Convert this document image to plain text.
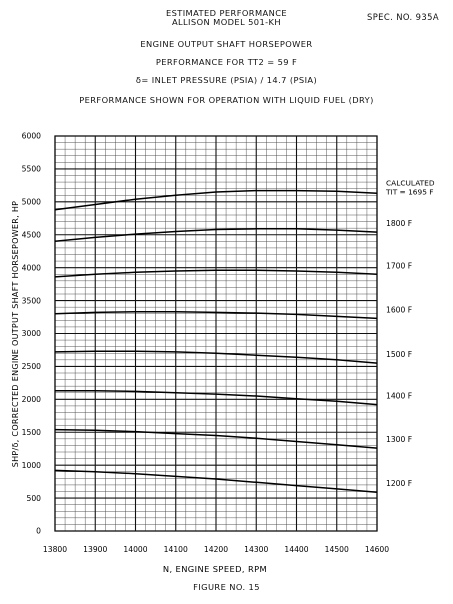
ESTIMATED PERFORMANCE
ALLISON MODEL 501-KH	SPEC. NO. 935A
ENGINE OUTPUT SHAFT HORSEPOWER
PERFORMANCE FOR TT2 = 59 F
δ= INLET PRESSURE (PSIA) / 14.7 (PSIA)
PERFORMANCE SHOWN FOR OPERATION WITH LIQUID FUEL (DRY)
13800 13900 14000 14100 14200 14300 14400 14500 14600
0
500
1000
1500
2000
2500
3000
3500
4000
4500
5000
5500
6000
CALCULATED
TIT = 1695 F
1800 F
1700 F
1600 F
1500 F
1400 F
1300 F
1200 F
N, ENGINE SPEED, RPM
SHP/δ, CORRECTED ENGINE OUTPUT SHAFT HORSEPOWER, HP
FIGURE NO. 15
